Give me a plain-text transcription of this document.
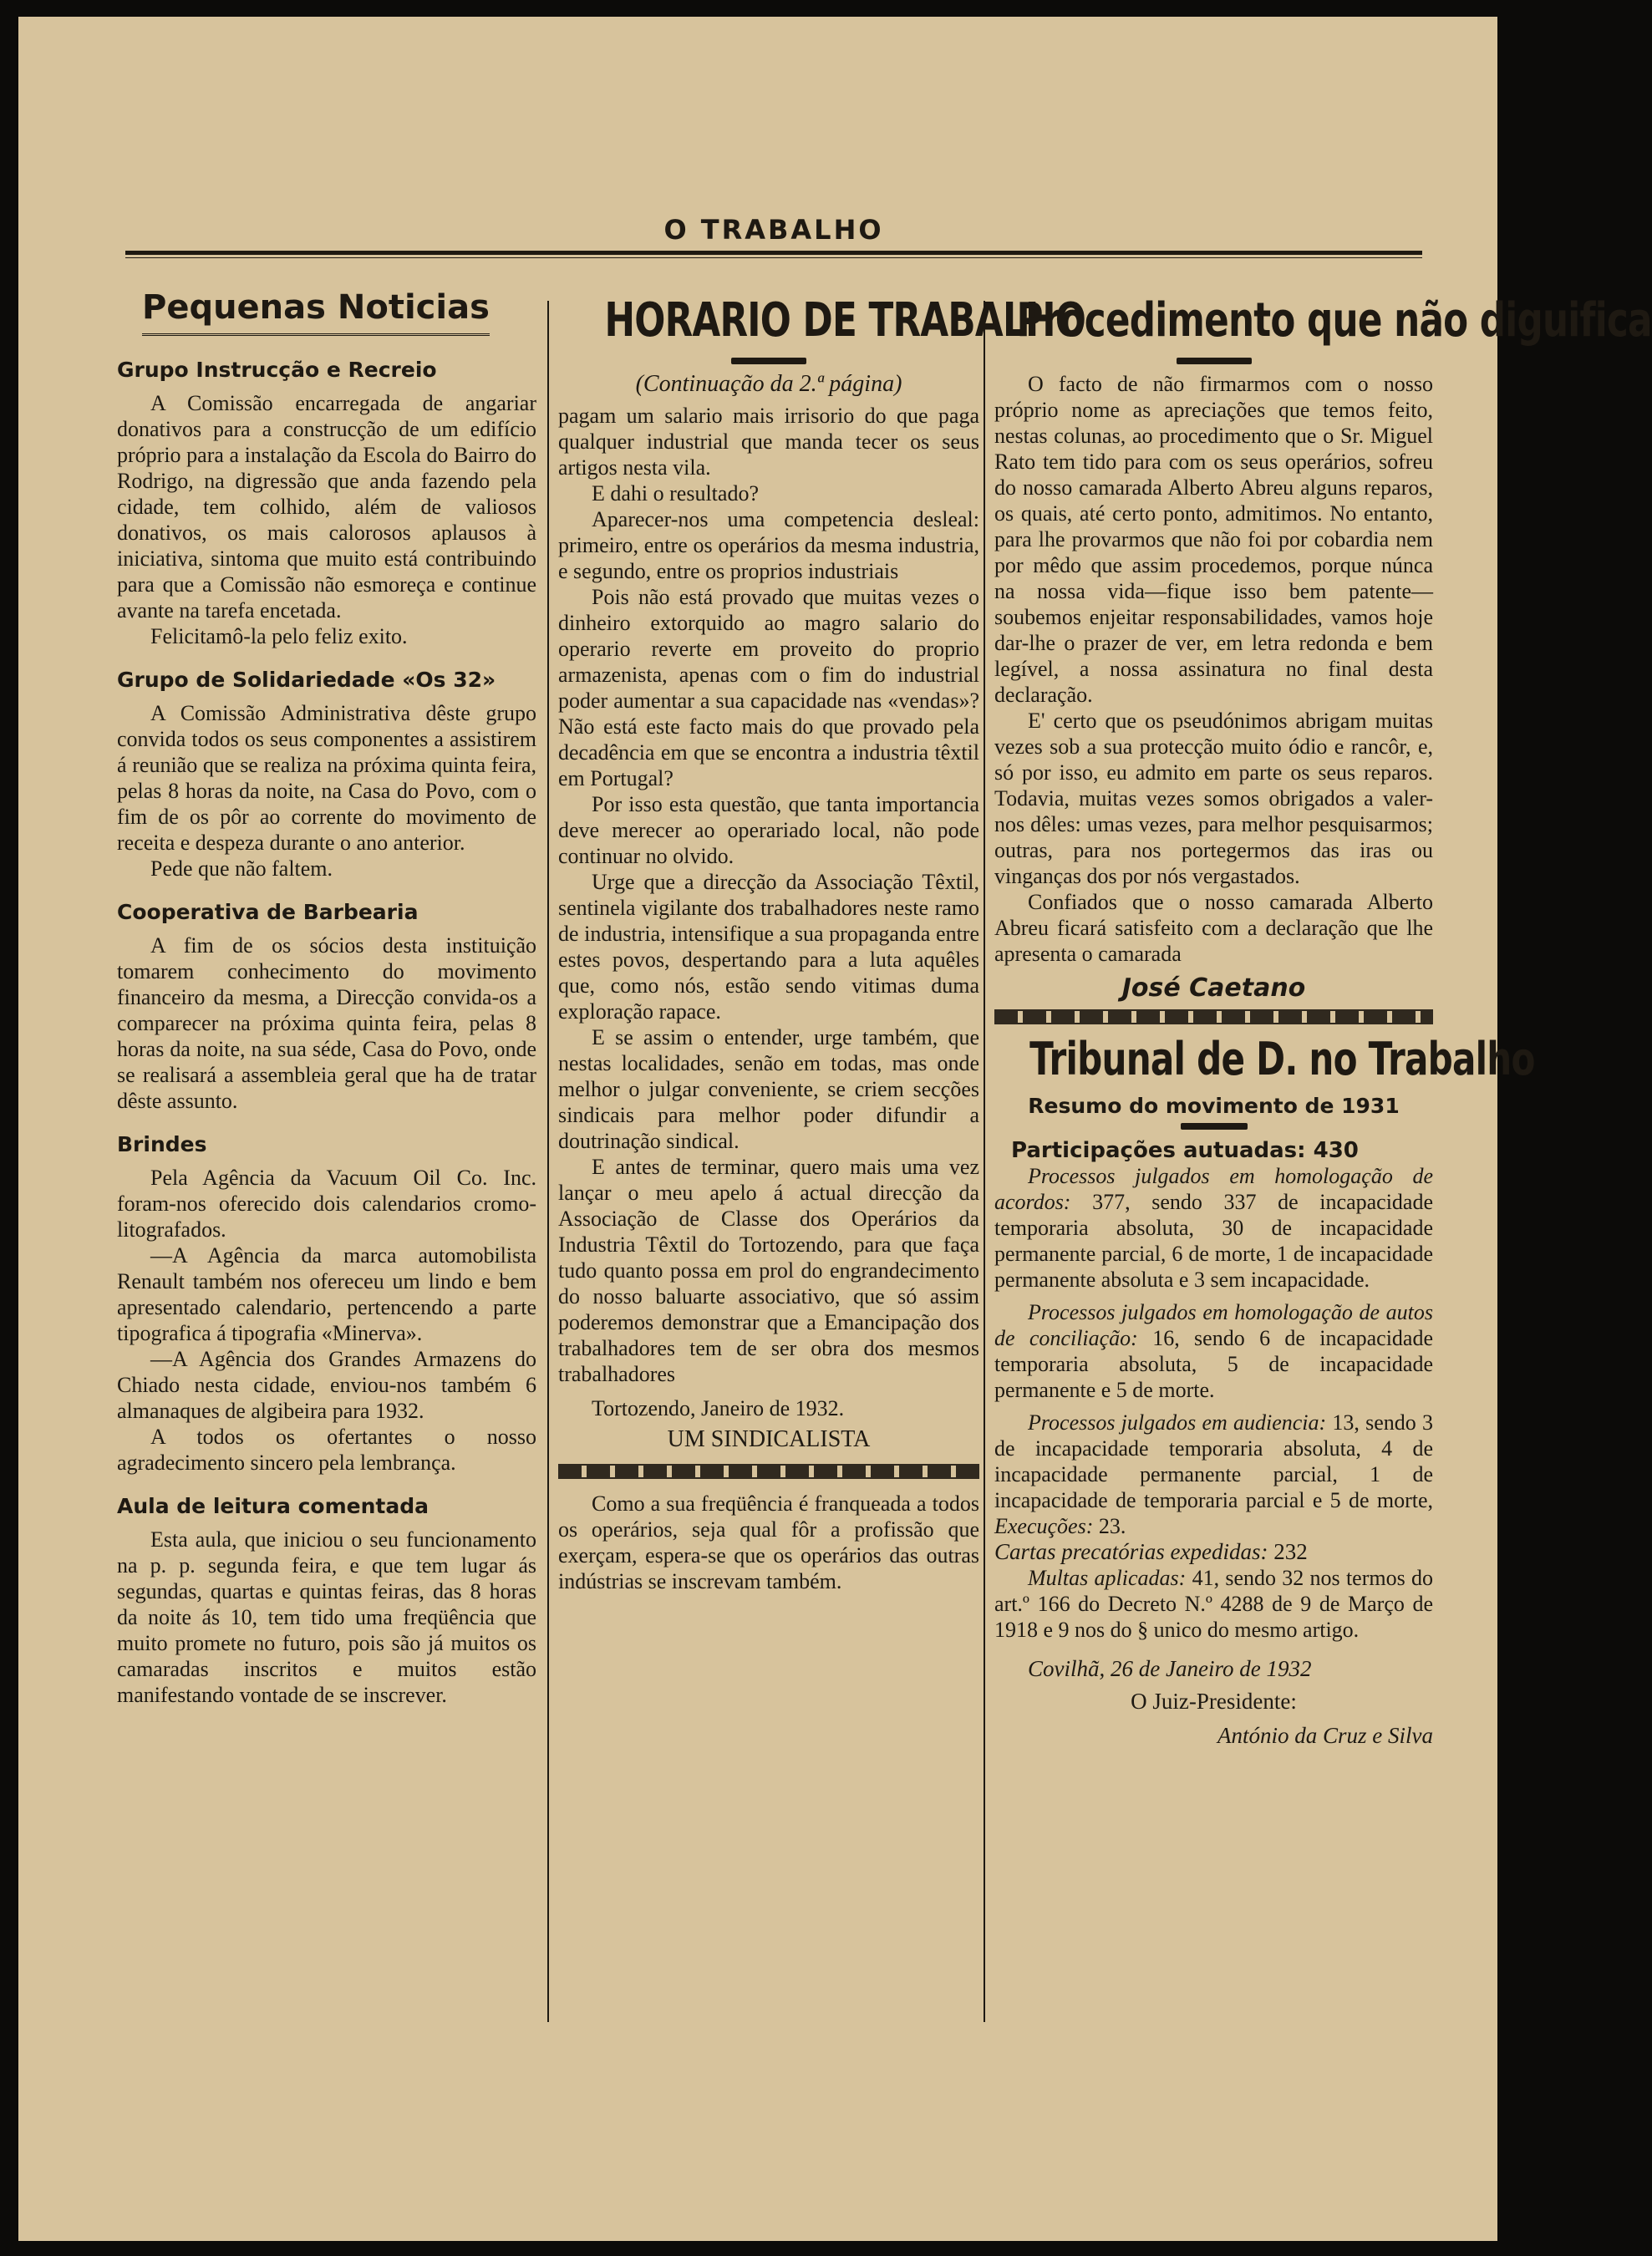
O TRABALHO
Pequenas Noticias
Grupo Instrucção e Recreio

A Comissão encarregada de angariar donativos para a construcção de um edifício próprio para a instalação da Escola do Bairro do Rodrigo, na digressão que anda fazendo pela cidade, tem colhido, além de valiosos donativos, os mais calorosos aplausos à iniciativa, sintoma que muito está contribuindo para que a Comissão não esmoreça e continue avante na tarefa encetada.

Felicitamô-la pelo feliz exito.

Grupo de Solidariedade «Os 32»

A Comissão Administrativa dêste grupo convida todos os seus componentes a assistirem á reunião que se realiza na próxima quinta feira, pelas 8 horas da noite, na Casa do Povo, com o fim de os pôr ao corrente do movimento de receita e despeza durante o ano anterior.

Pede que não faltem.

Cooperativa de Barbearia

A fim de os sócios desta instituição tomarem conhecimento do movimento financeiro da mesma, a Direcção convida-os a comparecer na próxima quinta feira, pelas 8 horas da noite, na sua séde, Casa do Povo, onde se realisará a assembleia geral que ha de tratar dêste assunto.

Brindes

Pela Agência da Vacuum Oil Co. Inc. foram-nos oferecido dois calendarios cromo-litografados.

—A Agência da marca automobilista Renault também nos ofereceu um lindo e bem apresentado calendario, pertencendo a parte tipografica á tipografia «Minerva».

—A Agência dos Grandes Armazens do Chiado nesta cidade, enviou-nos também 6 almanaques de algibeira para 1932.

A todos os ofertantes o nosso agradecimento sincero pela lembrança.

Aula de leitura comentada

Esta aula, que iniciou o seu funcionamento na p. p. segunda feira, e que tem lugar ás segundas, quartas e quintas feiras, das 8 horas da noite ás 10, tem tido uma freqüência que muito promete no futuro, pois são já muitos os camaradas inscritos e muitos estão manifestando vontade de se inscrever.

HORARIO DE TRABALHO
(Continuação da 2.ª página)

pagam um salario mais irrisorio do que paga qualquer industrial que manda tecer os seus artigos nesta vila.

E dahi o resultado?

Aparecer-nos uma competencia desleal: primeiro, entre os operários da mesma industria, e segundo, entre os proprios industriais

Pois não está provado que muitas vezes o dinheiro extorquido ao magro salario do operario reverte em proveito do proprio armazenista, apenas com o fim do industrial poder aumentar a sua capacidade nas «vendas»? Não está este facto mais do que provado pela decadência em que se encontra a industria têxtil em Portugal?

Por isso esta questão, que tanta importancia deve merecer ao operariado local, não pode continuar no olvido.

Urge que a direcção da Associação Têxtil, sentinela vigilante dos trabalhadores neste ramo de industria, intensifique a sua propaganda entre estes povos, despertando para a luta aquêles que, como nós, estão sendo vitimas duma exploração rapace.

E se assim o entender, urge também, que nestas localidades, senão em todas, mas onde melhor o julgar conveniente, se criem secções sindicais para melhor poder difundir a doutrinação sindical.

E antes de terminar, quero mais uma vez lançar o meu apelo á actual direcção da Associação de Classe dos Operários da Industria Têxtil do Tortozendo, para que faça tudo quanto possa em prol do engrandecimento do nosso baluarte associativo, que só assim poderemos demonstrar que a Emancipação dos trabalhadores tem de ser obra dos mesmos trabalhadores

Tortozendo, Janeiro de 1932.

UM SINDICALISTA

Como a sua freqüência é franqueada a todos os operários, seja qual fôr a profissão que exerçam, espera-se que os operários das outras indústrias se inscrevam também.

Procedimento que não diguifica

O facto de não firmarmos com o nosso próprio nome as apreciações que temos feito, nestas colunas, ao procedimento que o Sr. Miguel Rato tem tido para com os seus operários, sofreu do nosso camarada Alberto Abreu alguns reparos, os quais, até certo ponto, admitimos. No entanto, para lhe provarmos que não foi por cobardia nem por mêdo que assim procedemos, porque núnca na nossa vida—fique isso bem patente—soubemos enjeitar responsabilidades, vamos hoje dar-lhe o prazer de ver, em letra redonda e bem legível, a nossa assinatura no final desta declaração.

E' certo que os pseudónimos abrigam muitas vezes sob a sua protecção muito ódio e rancôr, e, só por isso, eu admito em parte os seus reparos. Todavia, muitas vezes somos obrigados a valer-nos dêles: umas vezes, para melhor pesquisarmos; outras, para nos portegermos das iras ou vinganças dos por nós vergastados.

Confiados que o nosso camarada Alberto Abreu ficará satisfeito com a declaração que lhe apresenta o camarada

José Caetano
Tribunal de D. no Trabalho
Resumo do movimento de 1931
Participações autuadas: 430

Processos julgados em homologação de acordos: 377, sendo 337 de incapacidade temporaria absoluta, 30 de incapacidade permanente parcial, 6 de morte, 1 de incapacidade permanente absoluta e 3 sem incapacidade.

Processos julgados em homologação de autos de conciliação: 16, sendo 6 de incapacidade temporaria absoluta, 5 de incapacidade permanente e 5 de morte.

Processos julgados em audiencia: 13, sendo 3 de incapacidade temporaria absoluta, 4 de incapacidade permanente parcial, 1 de incapacidade de temporaria parcial e 5 de morte, Execuções: 23.

Cartas precatórias expedidas: 232

Multas aplicadas: 41, sendo 32 nos termos do art.º 166 do Decreto N.º 4288 de 9 de Março de 1918 e 9 nos do § unico do mesmo artigo.

Covilhã, 26 de Janeiro de 1932

O Juiz-Presidente:

António da Cruz e Silva
